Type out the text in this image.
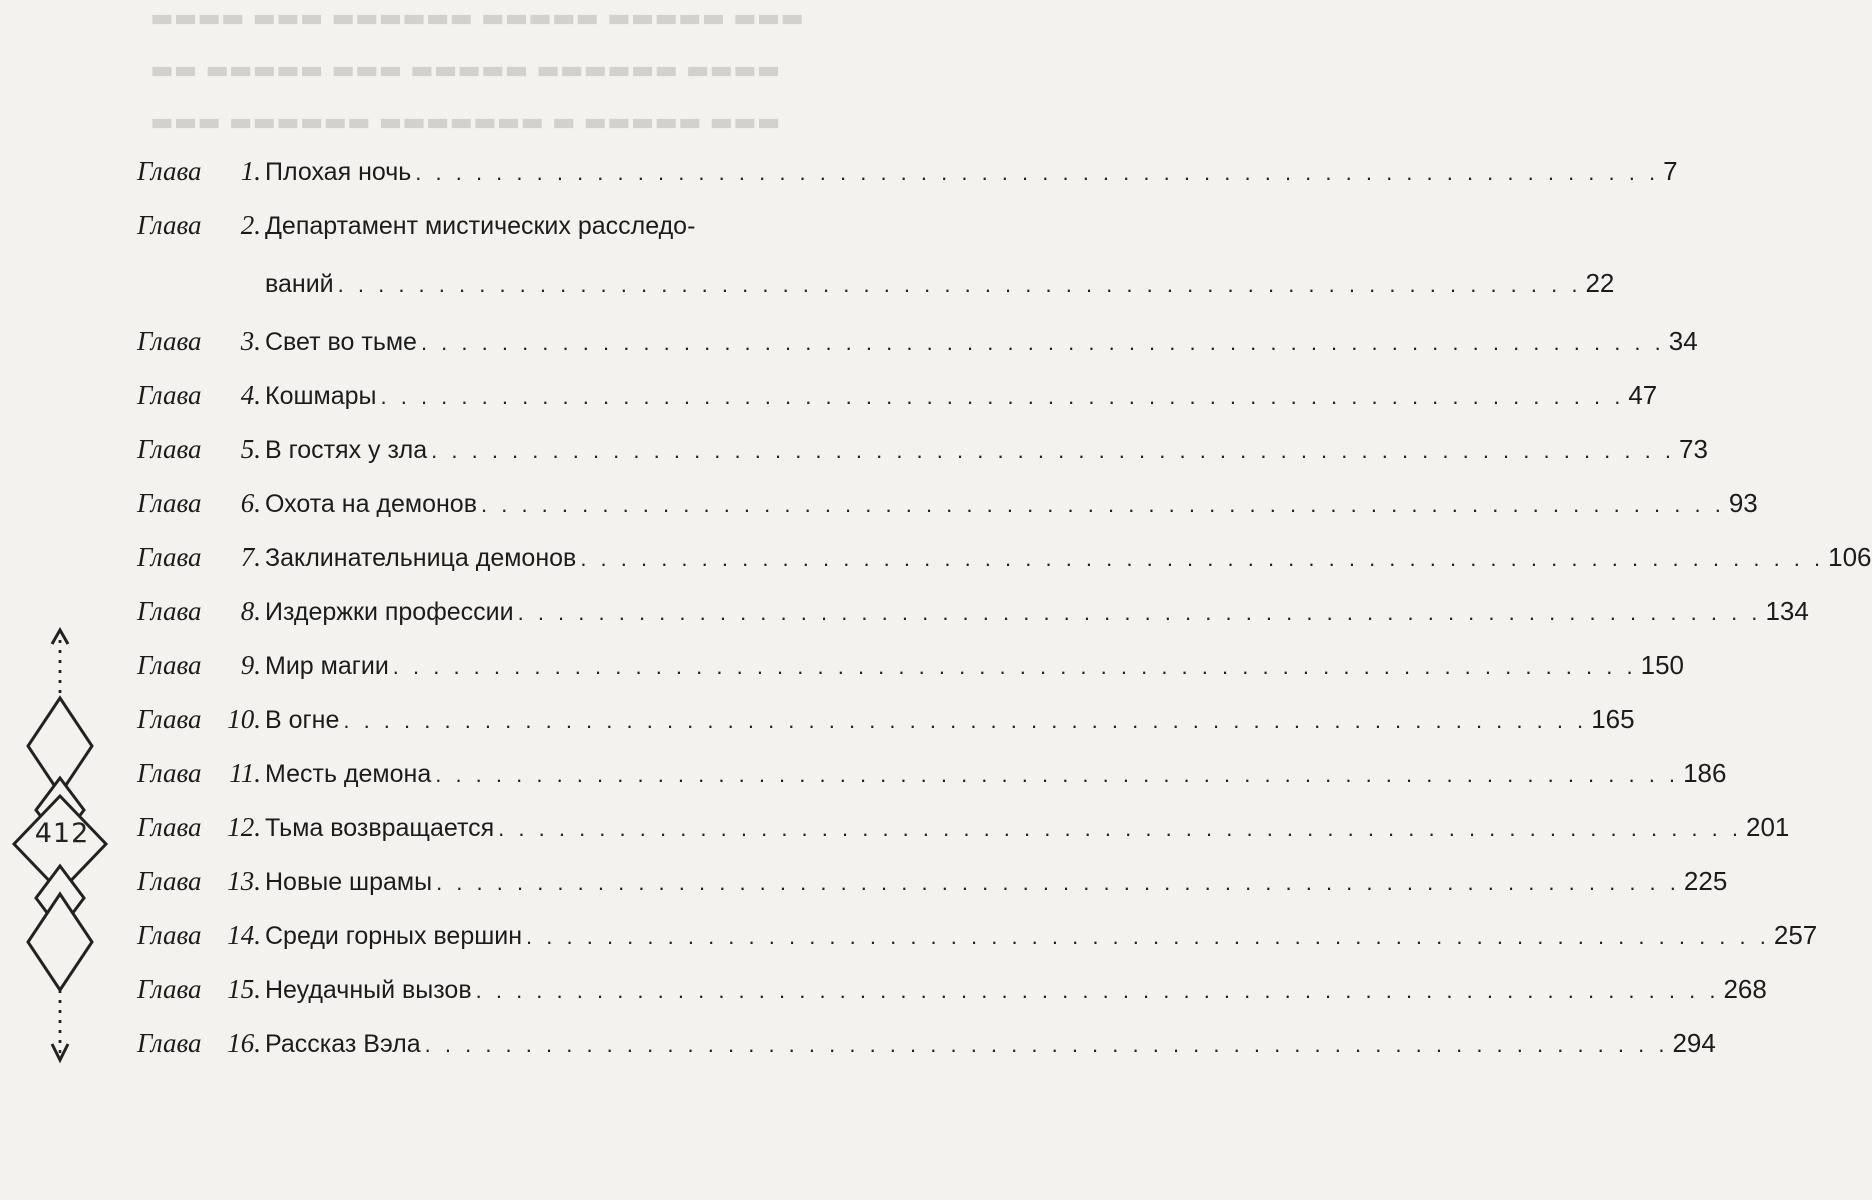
▬▬▬▬ ▬▬▬ ▬▬▬▬▬▬ ▬▬▬▬▬ ▬▬▬▬▬ ▬▬▬
▬▬ ▬▬▬▬▬ ▬▬▬ ▬▬▬▬▬ ▬▬▬▬▬▬ ▬▬▬▬
▬▬▬ ▬▬▬▬▬▬ ▬▬▬▬▬▬▬ ▬ ▬▬▬▬▬ ▬▬▬
Глава 1. Плохая ночь . . . . . . . . . . . . . . . . . . . . . . . . . . . . . . . . . . . . . . . . . . . . . . . . . . . . . . . . . . . . . . 7
Глава 2. Департамент мистических расследо-
ваний . . . . . . . . . . . . . . . . . . . . . . . . . . . . . . . . . . . . . . . . . . . . . . . . . . . . . . . . . . . . . . 22
Глава 3. Свет во тьме . . . . . . . . . . . . . . . . . . . . . . . . . . . . . . . . . . . . . . . . . . . . . . . . . . . . . . . . . . . . . . 34
Глава 4. Кошмары . . . . . . . . . . . . . . . . . . . . . . . . . . . . . . . . . . . . . . . . . . . . . . . . . . . . . . . . . . . . . . 47
Глава 5. В гостях у зла . . . . . . . . . . . . . . . . . . . . . . . . . . . . . . . . . . . . . . . . . . . . . . . . . . . . . . . . . . . . . . 73
Глава 6. Охота на демонов . . . . . . . . . . . . . . . . . . . . . . . . . . . . . . . . . . . . . . . . . . . . . . . . . . . . . . . . . . . . . . 93
Глава 7. Заклинательница демонов . . . . . . . . . . . . . . . . . . . . . . . . . . . . . . . . . . . . . . . . . . . . . . . . . . . . . . . . . . . . . . 106
Глава 8. Издержки профессии . . . . . . . . . . . . . . . . . . . . . . . . . . . . . . . . . . . . . . . . . . . . . . . . . . . . . . . . . . . . . . 134
Глава 9. Мир магии . . . . . . . . . . . . . . . . . . . . . . . . . . . . . . . . . . . . . . . . . . . . . . . . . . . . . . . . . . . . . . 150
Глава 10. В огне . . . . . . . . . . . . . . . . . . . . . . . . . . . . . . . . . . . . . . . . . . . . . . . . . . . . . . . . . . . . . . 165
Глава 11. Месть демона . . . . . . . . . . . . . . . . . . . . . . . . . . . . . . . . . . . . . . . . . . . . . . . . . . . . . . . . . . . . . . 186
Глава 12. Тьма возвращается . . . . . . . . . . . . . . . . . . . . . . . . . . . . . . . . . . . . . . . . . . . . . . . . . . . . . . . . . . . . . . 201
Глава 13. Новые шрамы . . . . . . . . . . . . . . . . . . . . . . . . . . . . . . . . . . . . . . . . . . . . . . . . . . . . . . . . . . . . . . 225
Глава 14. Среди горных вершин . . . . . . . . . . . . . . . . . . . . . . . . . . . . . . . . . . . . . . . . . . . . . . . . . . . . . . . . . . . . . . 257
Глава 15. Неудачный вызов . . . . . . . . . . . . . . . . . . . . . . . . . . . . . . . . . . . . . . . . . . . . . . . . . . . . . . . . . . . . . . 268
Глава 16. Рассказ Вэла . . . . . . . . . . . . . . . . . . . . . . . . . . . . . . . . . . . . . . . . . . . . . . . . . . . . . . . . . . . . . . 294
412
